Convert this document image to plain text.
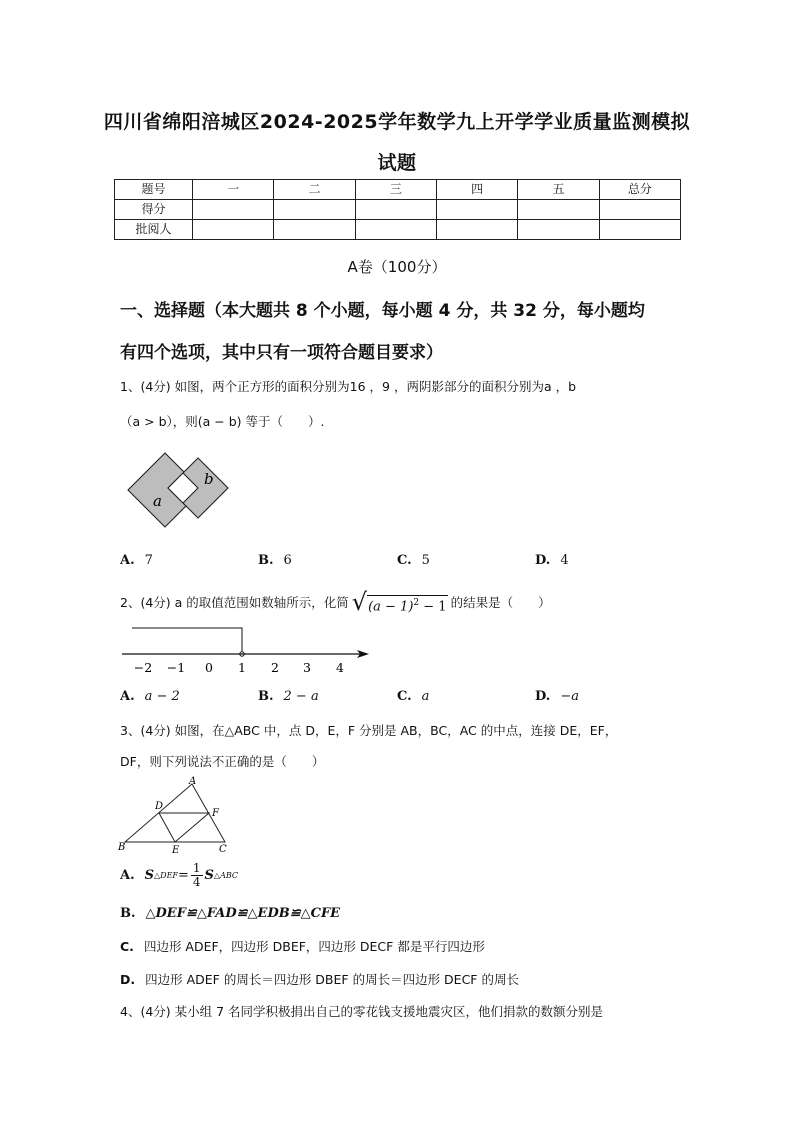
四川省绵阳涪城区2024-2025学年数学九上开学学业质量监测模拟
试题
题号	一	二	三	四	五	总分
得分						
批阅人						
A卷（100分）
一、选择题（本大题共 8 个小题，每小题 4 分，共 32 分，每小题均
有四个选项，其中只有一项符合题目要求）
1、(4分) 如图，两个正方形的面积分别为16 ，9 ，两阴影部分的面积分别为a ，b
（a > b），则(a − b) 等于（　　）.
a
b
A. 7	B. 6	C. 5	D. 4
2、(4分) a 的取值范围如数轴所示，化简 √ $(a - 1)^2 - 1$ 的结果是（　　）
−2 −1 0 1 2 3 4
A. a − 2	B. 2 − a	C. a	D. −a
3、(4分) 如图，在△ABC 中，点 D，E，F 分别是 AB，BC，AC 的中点，连接 DE，EF，
DF，则下列说法不正确的是（　　）
A
B	C
D
E
F
A. S △DEF = $\frac{1}{4}$ S △ABC
B. △DEF≌△FAD≌△EDB≌△CFE
C. 四边形 ADEF，四边形 DBEF，四边形 DECF 都是平行四边形
D. 四边形 ADEF 的周长＝四边形 DBEF 的周长＝四边形 DECF 的周长
4、(4分) 某小组 7 名同学积极捐出自己的零花钱支援地震灾区，他们捐款的数额分别是
